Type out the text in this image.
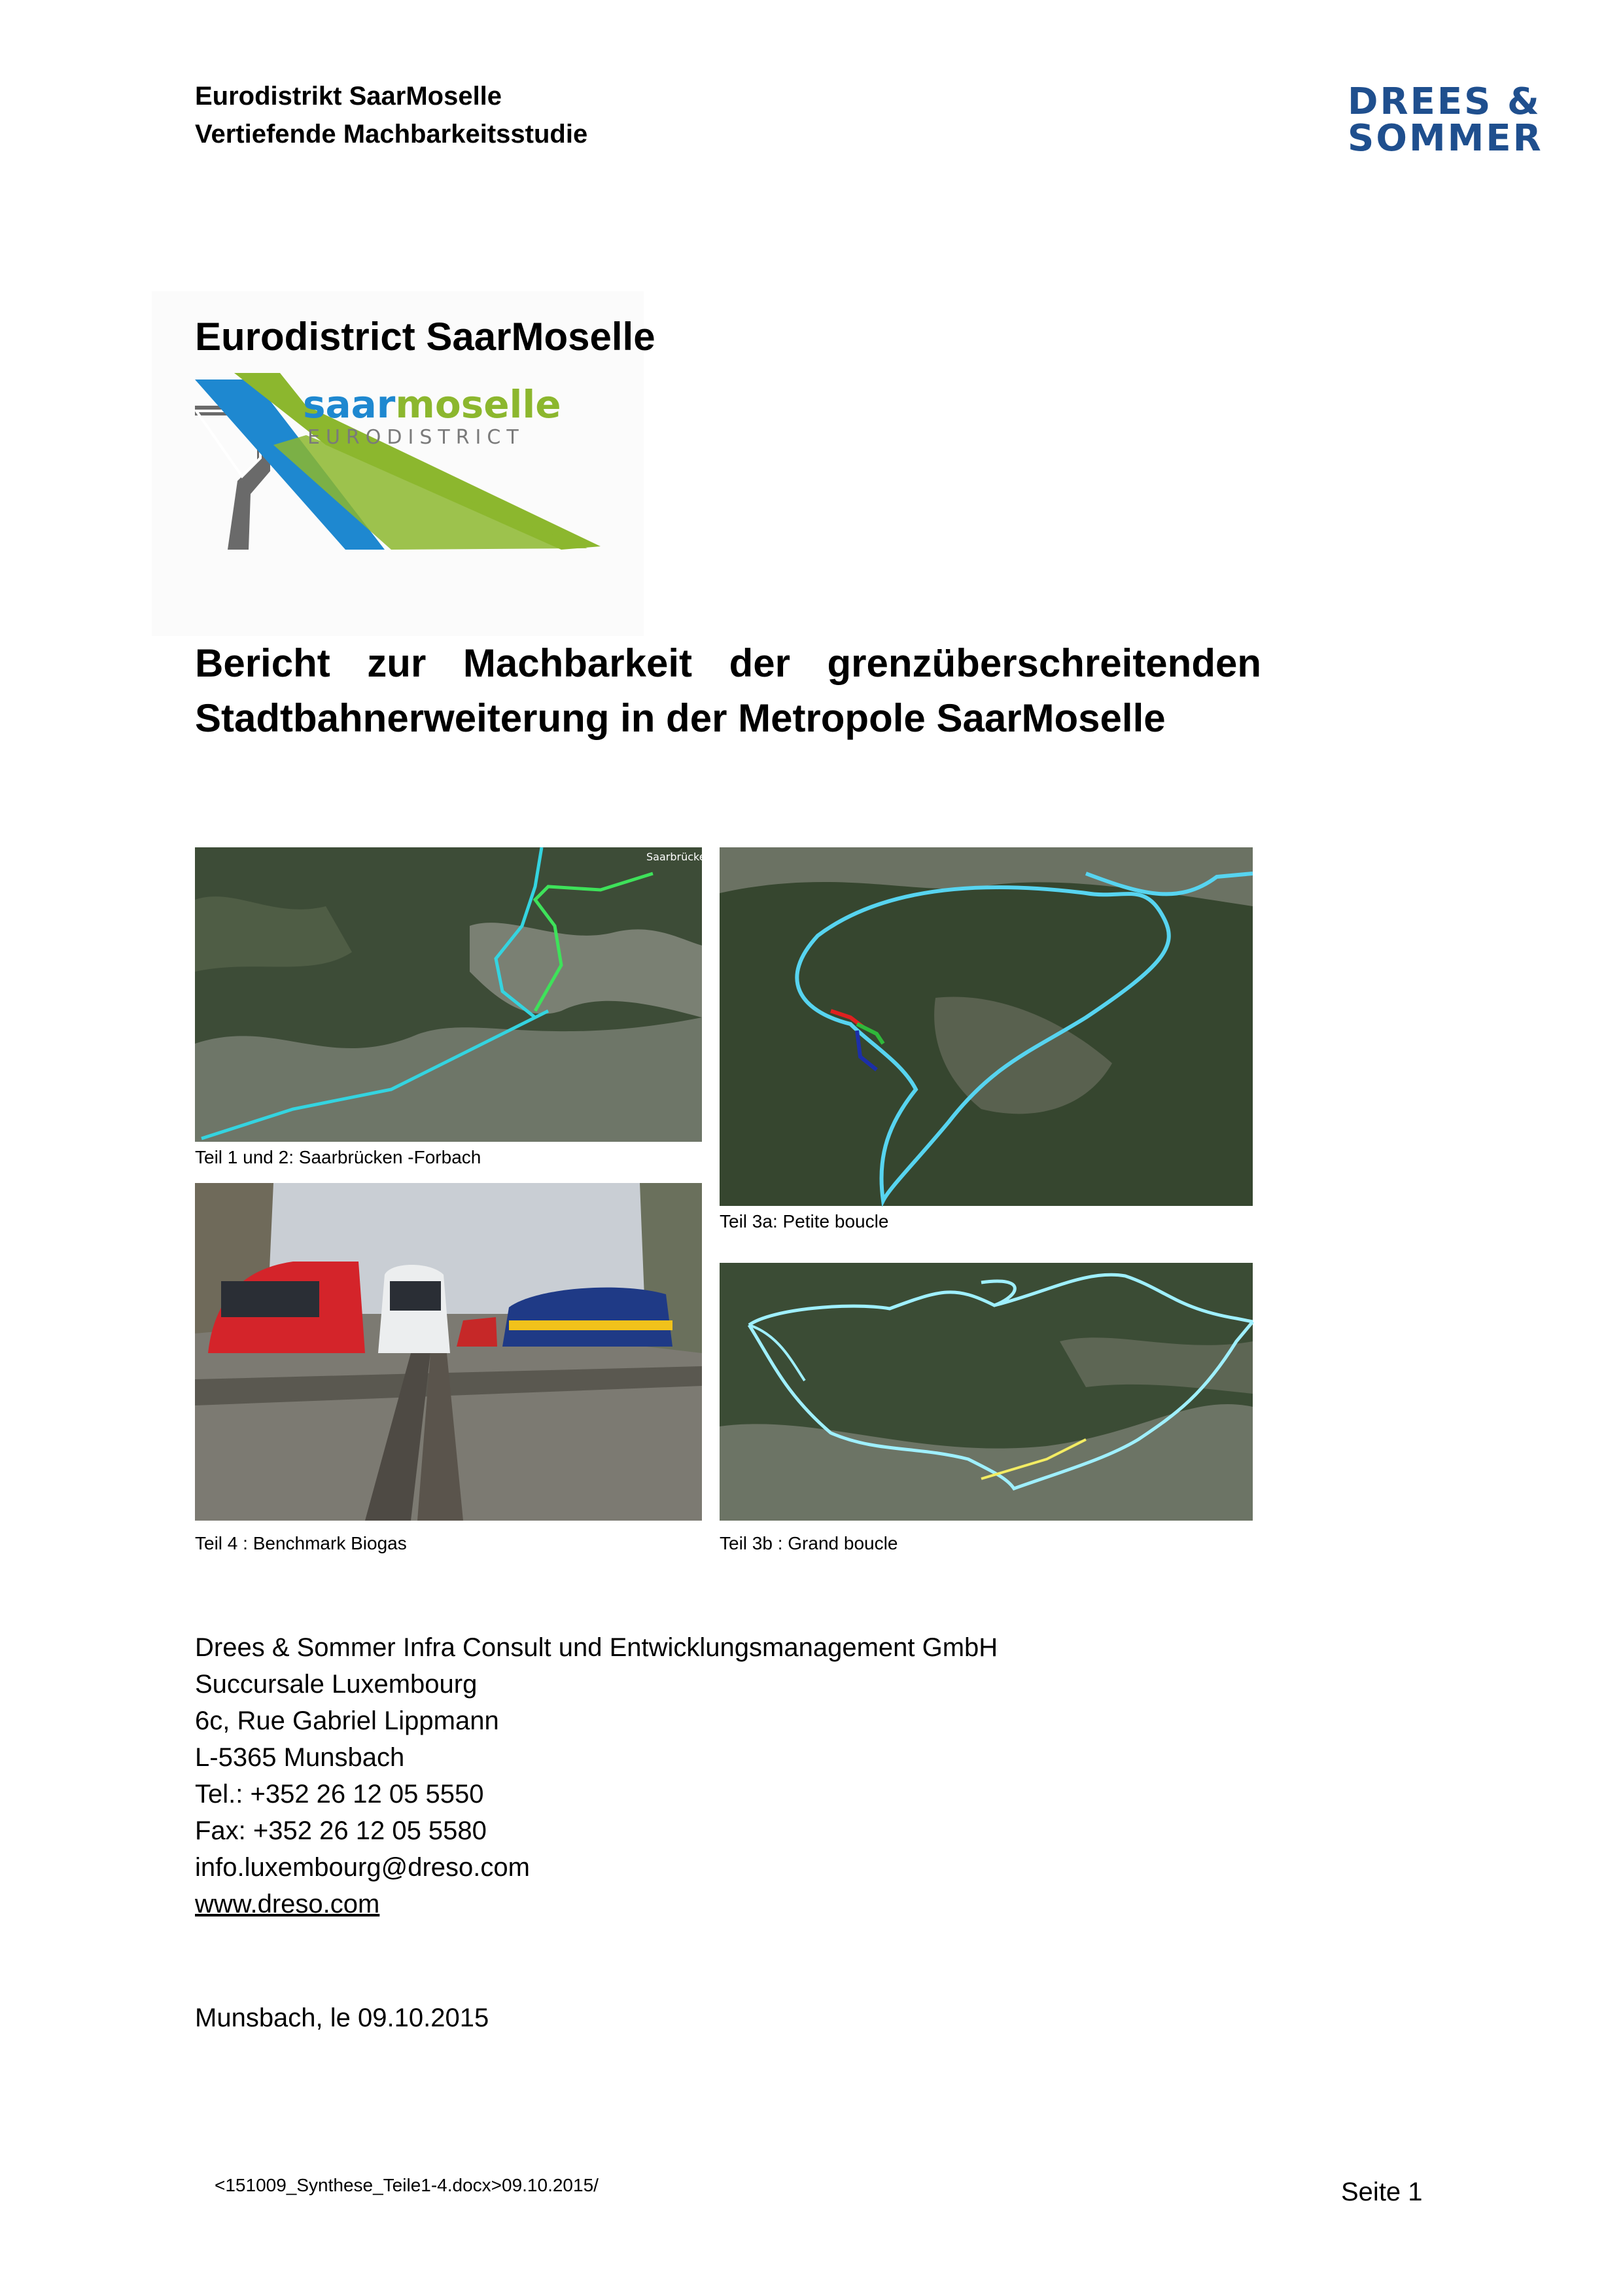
Eurodistrikt SaarMoselle
Vertiefende Machbarkeitsstudie
DREES &
SOMMER
Eurodistrict SaarMoselle
saarmoselle
EURODISTRICT
Bericht zur Machbarkeit der grenzüberschreitenden Stadtbahnerweiterung in der Metropole SaarMoselle
Saarbrücken
Teil 1 und 2: Saarbrücken -Forbach
Teil 3a: Petite boucle
Teil 4 : Benchmark Biogas	Teil 3b : Grand boucle
Drees & Sommer Infra Consult und Entwicklungsmanagement GmbH
Succursale Luxembourg
6c, Rue Gabriel Lippmann
L-5365 Munsbach
Tel.: +352 26 12 05 5550
Fax: +352 26 12 05 5580
info.luxembourg@dreso.com
www.dreso.com
Munsbach, le 09.10.2015
<151009_Synthese_Teile1-4.docx>09.10.2015/	Seite 1
